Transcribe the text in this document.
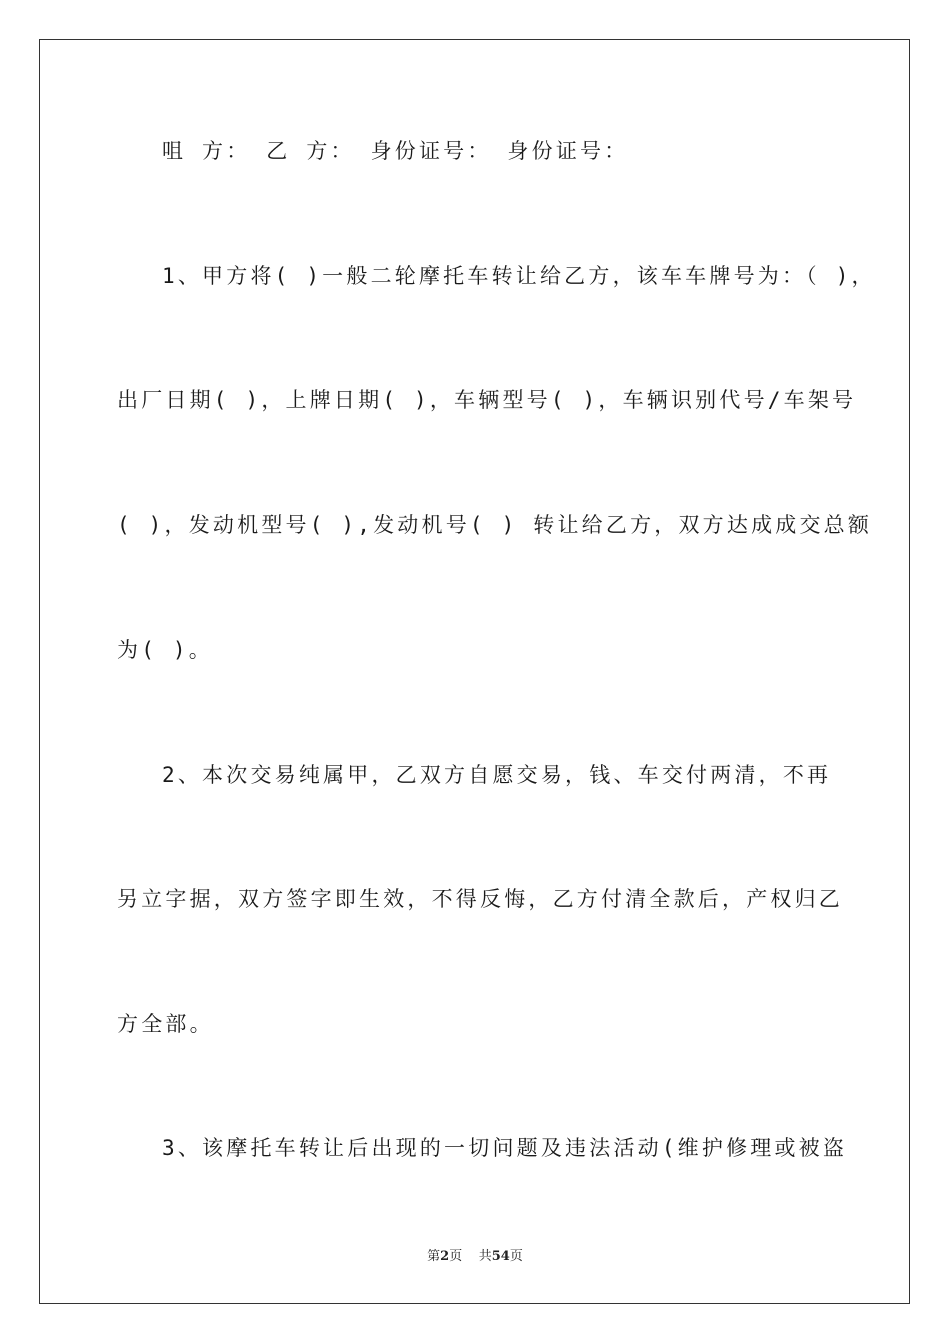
咀 方： 乙 方： 身份证号： 身份证号：

1、甲方将( )一般二轮摩托车转让给乙方，该车车牌号为：（ )，

出厂日期( )，上牌日期( )，车辆型号( )，车辆识别代号/车架号

( )，发动机型号( ),发动机号( ) 转让给乙方，双方达成成交总额

为( )。

2、本次交易纯属甲，乙双方自愿交易，钱、车交付两清，不再

另立字据，双方签字即生效，不得反悔，乙方付清全款后，产权归乙

方全部。

3、该摩托车转让后出现的一切问题及违法活动(维护修理或被盗

第2页 共54页
